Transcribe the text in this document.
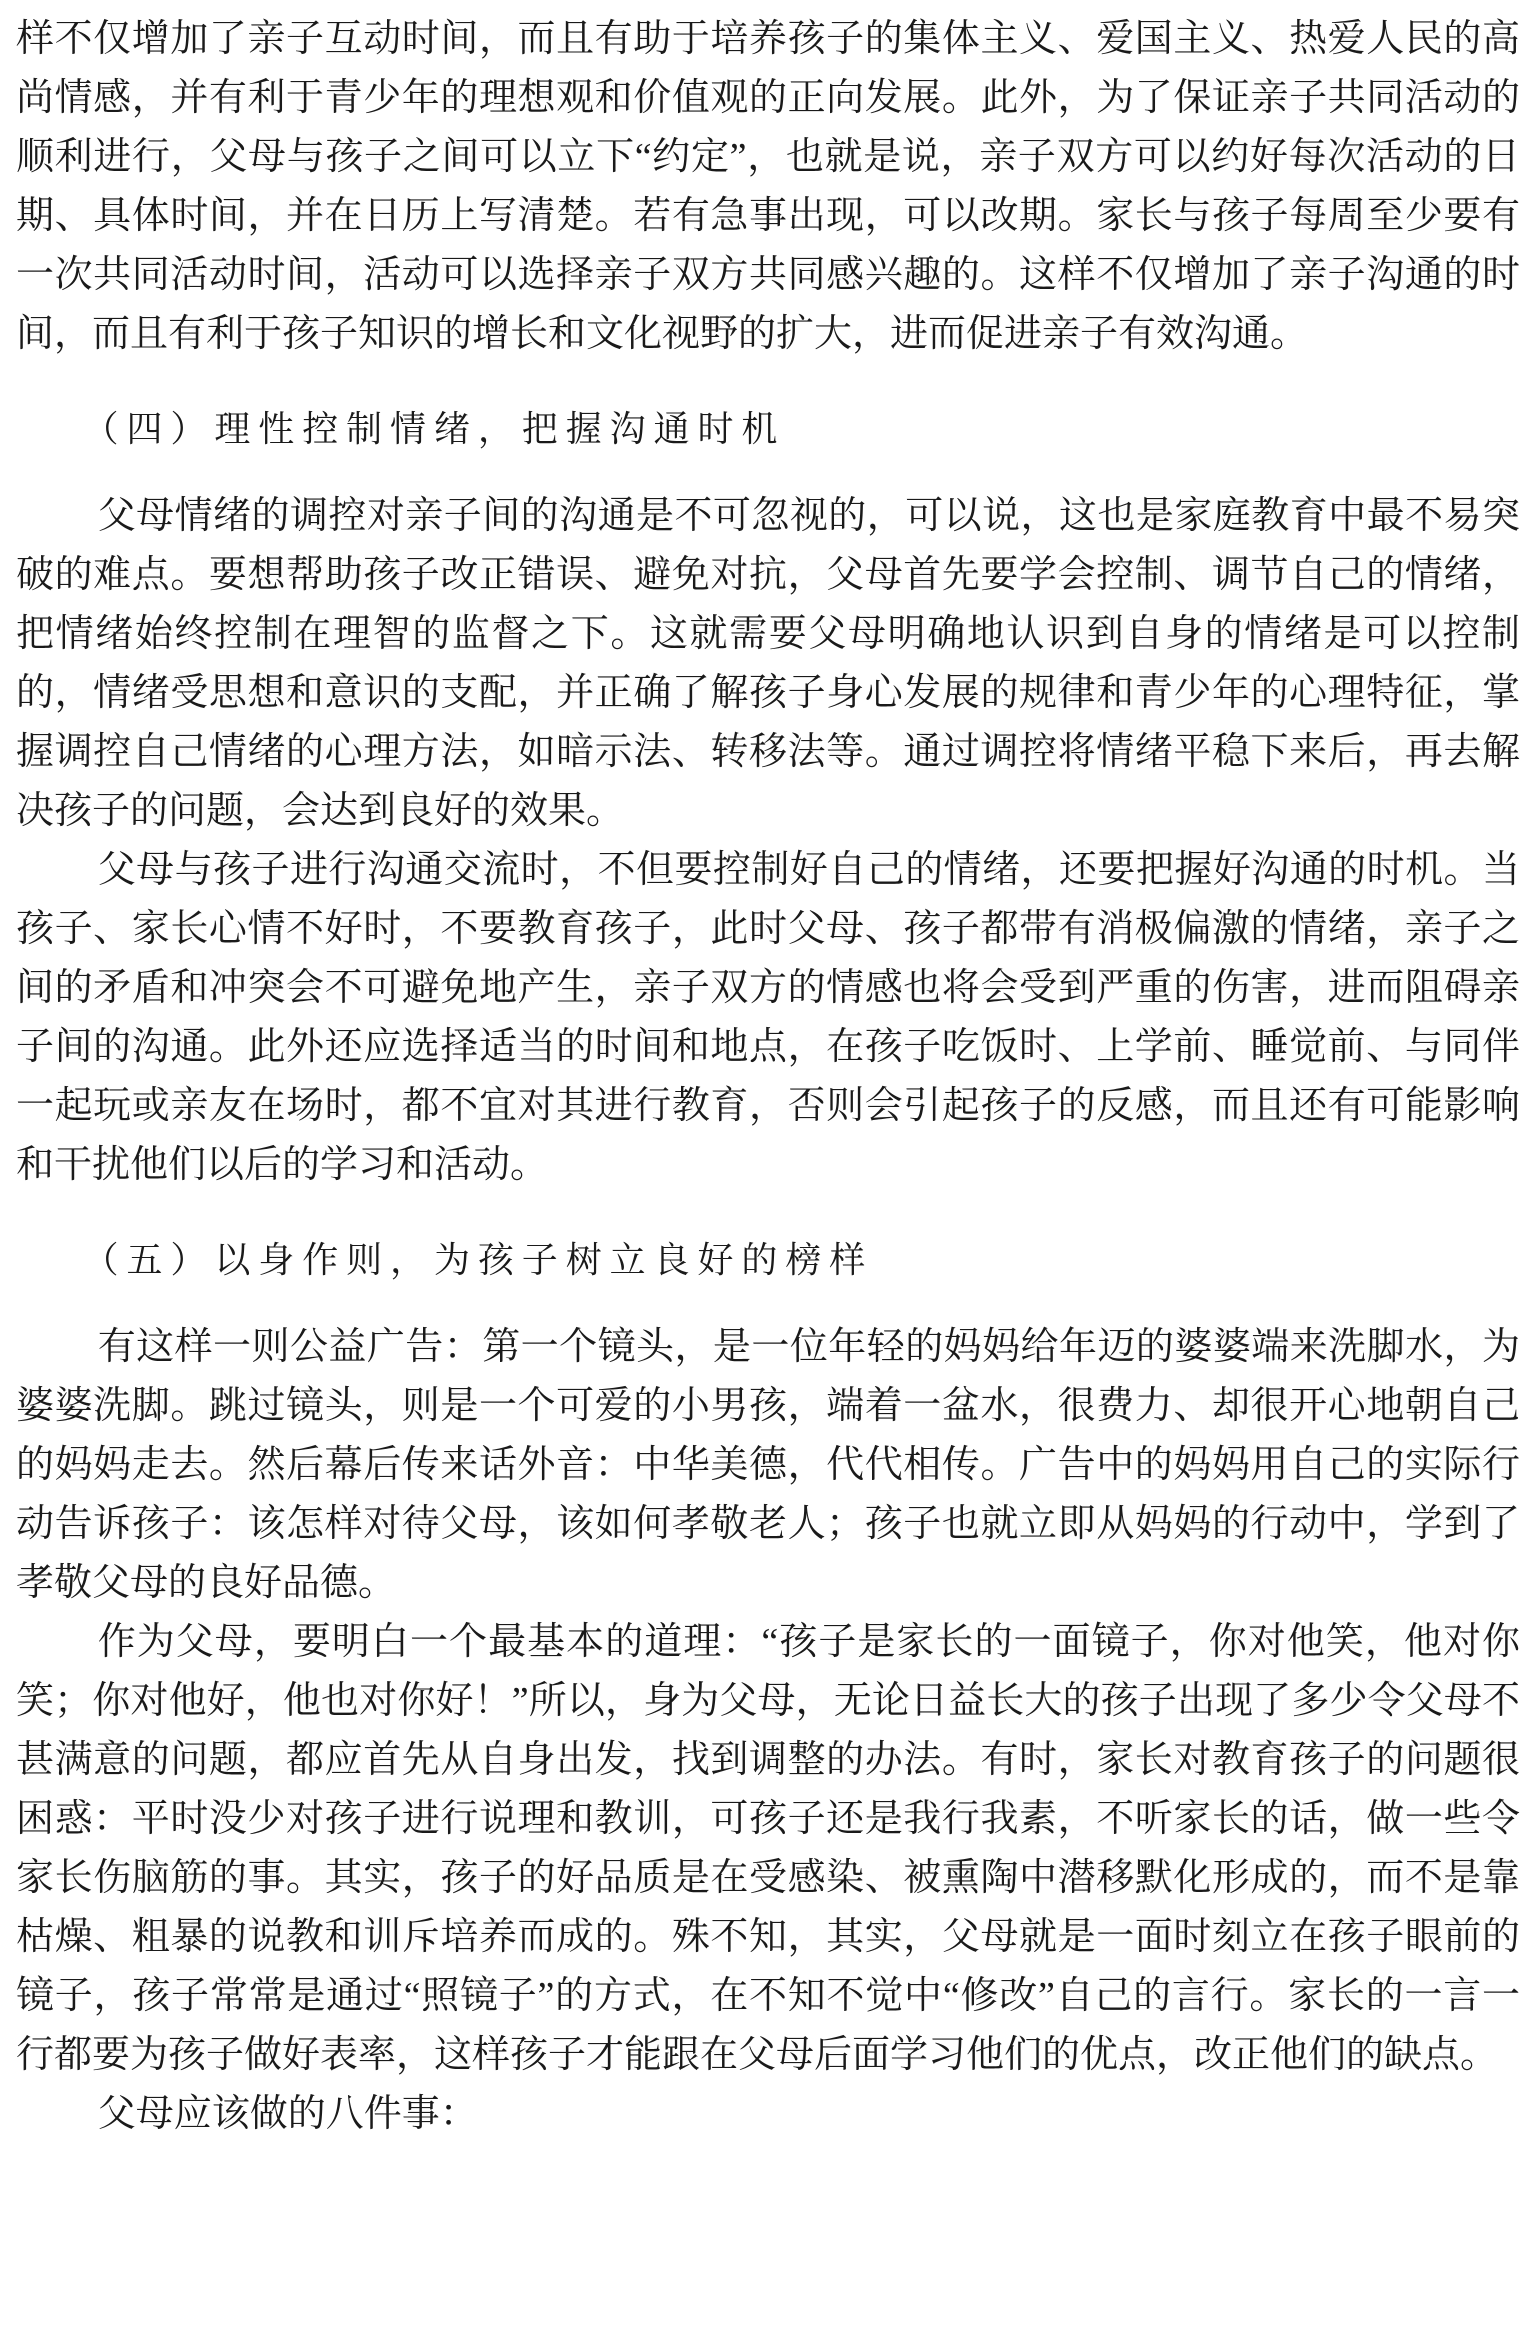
样不仅增加了亲子互动时间，而且有助于培养孩子的集体主义、爱国主义、热爱人民的高尚情感，并有利于青少年的理想观和价值观的正向发展。此外，为了保证亲子共同活动的顺利进行，父母与孩子之间可以立下“约定”，也就是说，亲子双方可以约好每次活动的日期、具体时间，并在日历上写清楚。若有急事出现，可以改期。家长与孩子每周至少要有一次共同活动时间，活动可以选择亲子双方共同感兴趣的。这样不仅增加了亲子沟通的时间，而且有利于孩子知识的增长和文化视野的扩大，进而促进亲子有效沟通。

（四）理性控制情绪，把握沟通时机

父母情绪的调控对亲子间的沟通是不可忽视的，可以说，这也是家庭教育中最不易突破的难点。要想帮助孩子改正错误、避免对抗，父母首先要学会控制、调节自己的情绪，把情绪始终控制在理智的监督之下。这就需要父母明确地认识到自身的情绪是可以控制的，情绪受思想和意识的支配，并正确了解孩子身心发展的规律和青少年的心理特征，掌握调控自己情绪的心理方法，如暗示法、转移法等。通过调控将情绪平稳下来后，再去解决孩子的问题，会达到良好的效果。

父母与孩子进行沟通交流时，不但要控制好自己的情绪，还要把握好沟通的时机。当孩子、家长心情不好时，不要教育孩子，此时父母、孩子都带有消极偏激的情绪，亲子之间的矛盾和冲突会不可避免地产生，亲子双方的情感也将会受到严重的伤害，进而阻碍亲子间的沟通。此外还应选择适当的时间和地点，在孩子吃饭时、上学前、睡觉前、与同伴一起玩或亲友在场时，都不宜对其进行教育，否则会引起孩子的反感，而且还有可能影响和干扰他们以后的学习和活动。

（五）以身作则，为孩子树立良好的榜样

有这样一则公益广告：第一个镜头，是一位年轻的妈妈给年迈的婆婆端来洗脚水，为婆婆洗脚。跳过镜头，则是一个可爱的小男孩，端着一盆水，很费力、却很开心地朝自己的妈妈走去。然后幕后传来话外音：中华美德，代代相传。广告中的妈妈用自己的实际行动告诉孩子：该怎样对待父母，该如何孝敬老人；孩子也就立即从妈妈的行动中，学到了孝敬父母的良好品德。

作为父母，要明白一个最基本的道理：“孩子是家长的一面镜子，你对他笑，他对你笑；你对他好，他也对你好！”所以，身为父母，无论日益长大的孩子出现了多少令父母不甚满意的问题，都应首先从自身出发，找到调整的办法。有时，家长对教育孩子的问题很困惑：平时没少对孩子进行说理和教训，可孩子还是我行我素，不听家长的话，做一些令家长伤脑筋的事。其实，孩子的好品质是在受感染、被熏陶中潜移默化形成的，而不是靠枯燥、粗暴的说教和训斥培养而成的。殊不知，其实，父母就是一面时刻立在孩子眼前的镜子，孩子常常是通过“照镜子”的方式，在不知不觉中“修改”自己的言行。家长的一言一行都要为孩子做好表率，这样孩子才能跟在父母后面学习他们的优点，改正他们的缺点。

父母应该做的八件事：
